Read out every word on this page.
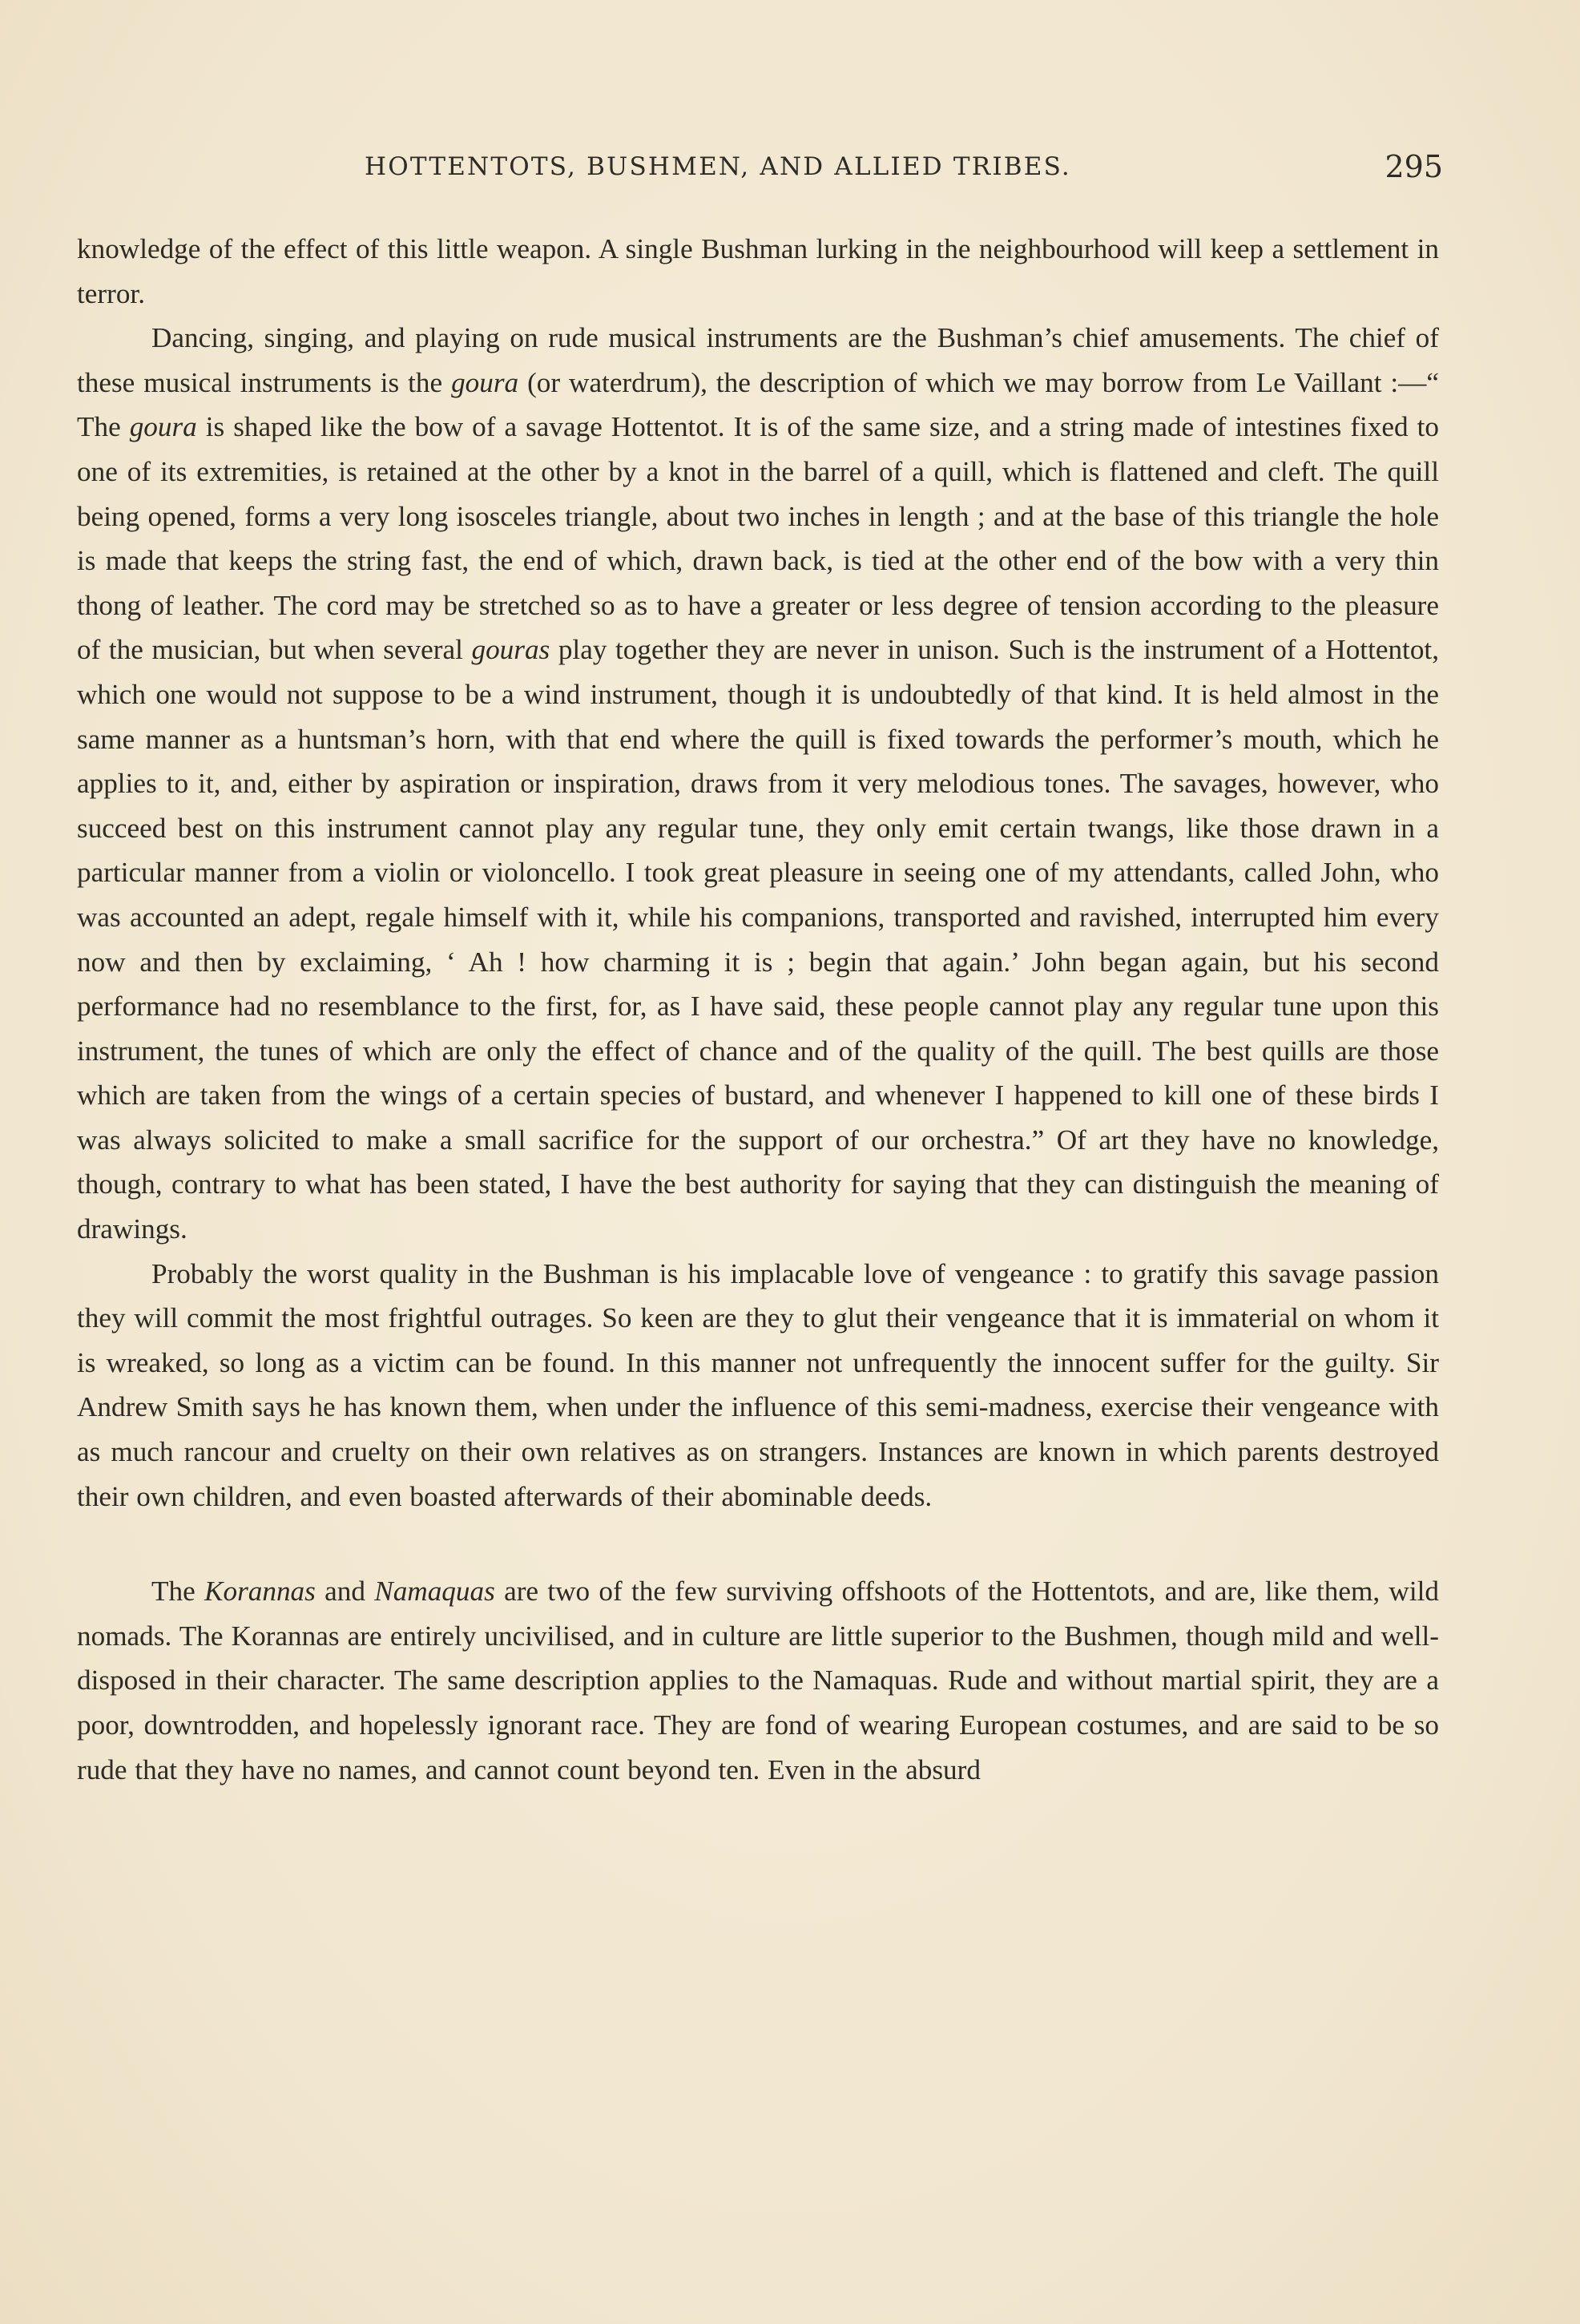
HOTTENTOTS, BUSHMEN, AND ALLIED TRIBES.	295

knowledge of the effect of this little weapon. A single Bushman lurking in the neighbourhood will keep a settlement in terror.

Dancing, singing, and playing on rude musical instruments are the Bushman’s chief amusements. The chief of these musical instruments is the goura (or waterdrum), the description of which we may borrow from Le Vaillant :—“ The goura is shaped like the bow of a savage Hottentot. It is of the same size, and a string made of intestines fixed to one of its extremities, is retained at the other by a knot in the barrel of a quill, which is flattened and cleft. The quill being opened, forms a very long isosceles triangle, about two inches in length ; and at the base of this triangle the hole is made that keeps the string fast, the end of which, drawn back, is tied at the other end of the bow with a very thin thong of leather. The cord may be stretched so as to have a greater or less degree of tension according to the pleasure of the musician, but when several gouras play together they are never in unison. Such is the instrument of a Hottentot, which one would not suppose to be a wind instrument, though it is undoubtedly of that kind. It is held almost in the same manner as a huntsman’s horn, with that end where the quill is fixed towards the performer’s mouth, which he applies to it, and, either by aspiration or inspiration, draws from it very melodious tones. The savages, however, who succeed best on this instrument cannot play any regular tune, they only emit certain twangs, like those drawn in a particular manner from a violin or violoncello. I took great pleasure in seeing one of my attendants, called John, who was accounted an adept, regale himself with it, while his companions, transported and ravished, interrupted him every now and then by exclaiming, ‘ Ah ! how charming it is ; begin that again.’ John began again, but his second performance had no resemblance to the first, for, as I have said, these people cannot play any regular tune upon this instrument, the tunes of which are only the effect of chance and of the quality of the quill. The best quills are those which are taken from the wings of a certain species of bustard, and whenever I happened to kill one of these birds I was always solicited to make a small sacrifice for the support of our orchestra.” Of art they have no knowledge, though, contrary to what has been stated, I have the best authority for saying that they can distinguish the meaning of drawings.

Probably the worst quality in the Bushman is his implacable love of vengeance : to gratify this savage passion they will commit the most frightful outrages. So keen are they to glut their vengeance that it is immaterial on whom it is wreaked, so long as a victim can be found. In this manner not unfrequently the innocent suffer for the guilty. Sir Andrew Smith says he has known them, when under the influence of this semi-madness, exercise their vengeance with as much rancour and cruelty on their own relatives as on strangers. Instances are known in which parents destroyed their own children, and even boasted afterwards of their abominable deeds.

The Korannas and Namaquas are two of the few surviving offshoots of the Hottentots, and are, like them, wild nomads. The Korannas are entirely uncivilised, and in culture are little superior to the Bushmen, though mild and well-disposed in their character. The same description applies to the Namaquas. Rude and without martial spirit, they are a poor, downtrodden, and hopelessly ignorant race. They are fond of wearing European costumes, and are said to be so rude that they have no names, and cannot count beyond ten. Even in the absurd
